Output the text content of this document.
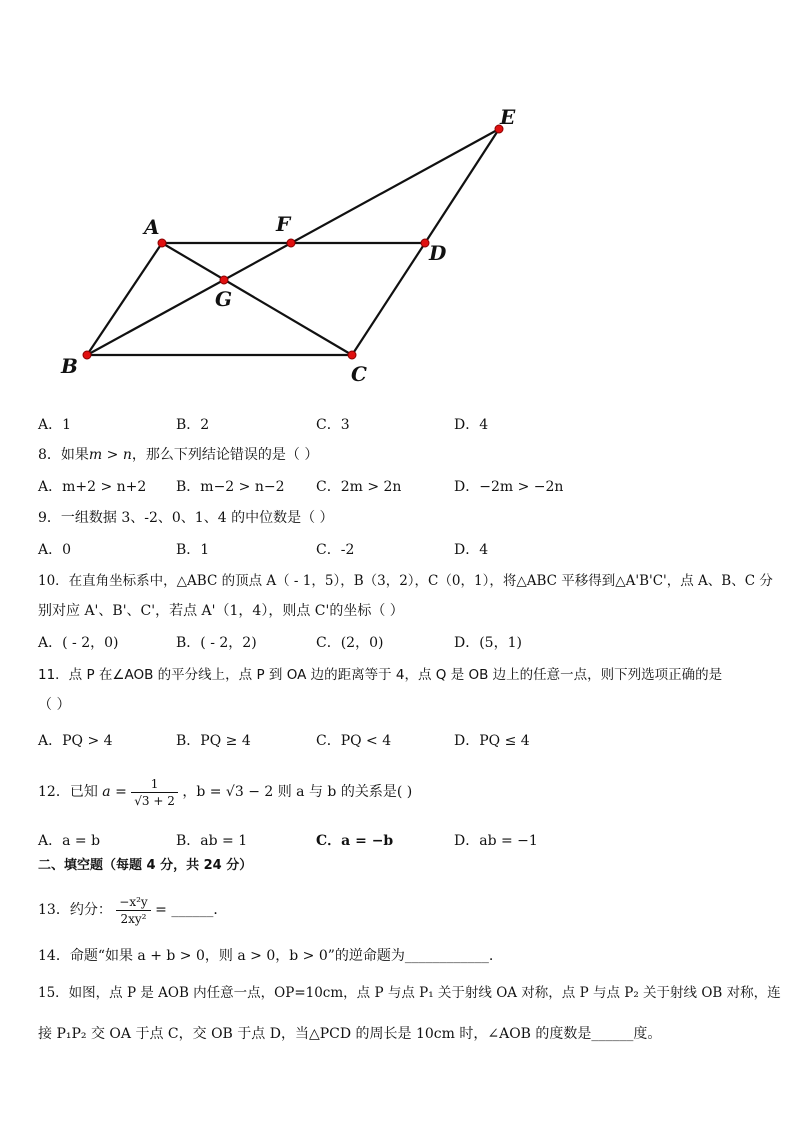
A
B	C
D
E
F
G
A．1	B．2	C．3	D．4
8．如果m > n，那么下列结论错误的是（ ）
A．m+2 > n+2 B．m−2 > n−2 C．2m > 2n	D．−2m > −2n
9．一组数据 3、-2、0、1、4 的中位数是（ ）
A．0	B．1	C．-2	D．4
10．在直角坐标系中，△ABC 的顶点 A（ - 1，5），B（3，2），C（0，1），将△ABC 平移得到△A'B'C'，点 A、B、C 分
别对应 A'、B'、C'，若点 A'（1，4），则点 C'的坐标（ ）
A．( - 2，0)	B．( - 2，2)	C．(2，0)	D．(5，1)
11．点 P 在∠AOB 的平分线上，点 P 到 OA 边的距离等于 4，点 Q 是 OB 边上的任意一点，则下列选项正确的是
（ ）
A．PQ > 4	B．PQ ≥ 4	C．PQ < 4	D．PQ ≤ 4
12．已知 $a = \frac{1}{√3 + 2}$ ，b = √3 − 2 则 a 与 b 的关系是( )
A．a = b	B．ab = 1	C．a = −b	D．ab = −1
二、填空题（每题 4 分，共 24 分）
13．约分： $\frac{\text{−x²y}}{\text{2xy²}}$ = ______．
14．命题“如果 a + b > 0，则 a > 0，b > 0”的逆命题为____________.
15．如图，点 P 是 AOB 内任意一点，OP=10cm，点 P 与点 P₁ 关于射线 OA 对称，点 P 与点 P₂ 关于射线 OB 对称，连
接 P₁P₂ 交 OA 于点 C，交 OB 于点 D，当△PCD 的周长是 10cm 时，∠AOB 的度数是______度。
